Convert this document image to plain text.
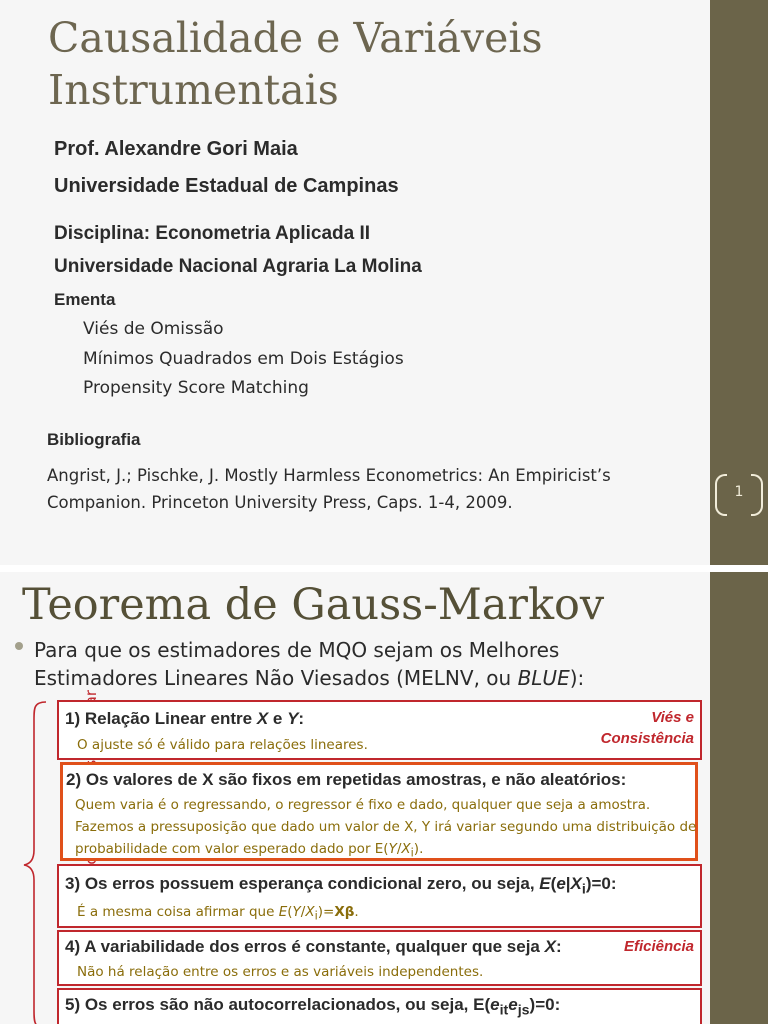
1
Causalidade e Variáveis Instrumentais
Prof. Alexandre Gori Maia
Universidade Estadual de Campinas
Disciplina: Econometria Aplicada II
Universidade Nacional Agraria La Molina
Ementa
Viés de Omissão
Mínimos Quadrados em Dois Estágios
Propensity Score Matching
Bibliografia
Angrist, J.; Pischke, J. Mostly Harmless Econometrics: An Empiricist’s Companion. Princeton University Press, Caps. 1-4, 2009.
Teorema de Gauss-Markov
Para que os estimadores de MQO sejam os Melhores
Estimadores Lineares Não Viesados (MELNV, ou BLUE):
1) Relação Linear entre X e Y:
O ajuste só é válido para relações lineares.
Viés e
Consistência
2) Os valores de X são fixos em repetidas amostras, e não aleatórios:
Quem varia é o regressando, o regressor é fixo e dado, qualquer que seja a amostra. Fazemos a pressuposição que dado um valor de X, Y irá variar segundo uma distribuição de probabilidade com valor esperado dado por $E(Y/X_i)$.
3) Os erros possuem esperança condicional zero, ou seja, $E(e|X_i)=0$:
É a mesma coisa afirmar que $E(Y/X_i)=X\beta$.
4) A variabilidade dos erros é constante, qualquer que seja X:
Não há relação entre os erros e as variáveis independentes.
Eficiência
5) Os erros são não autocorrelacionados, ou seja, $E(e_{it}e_{js})=0$:
